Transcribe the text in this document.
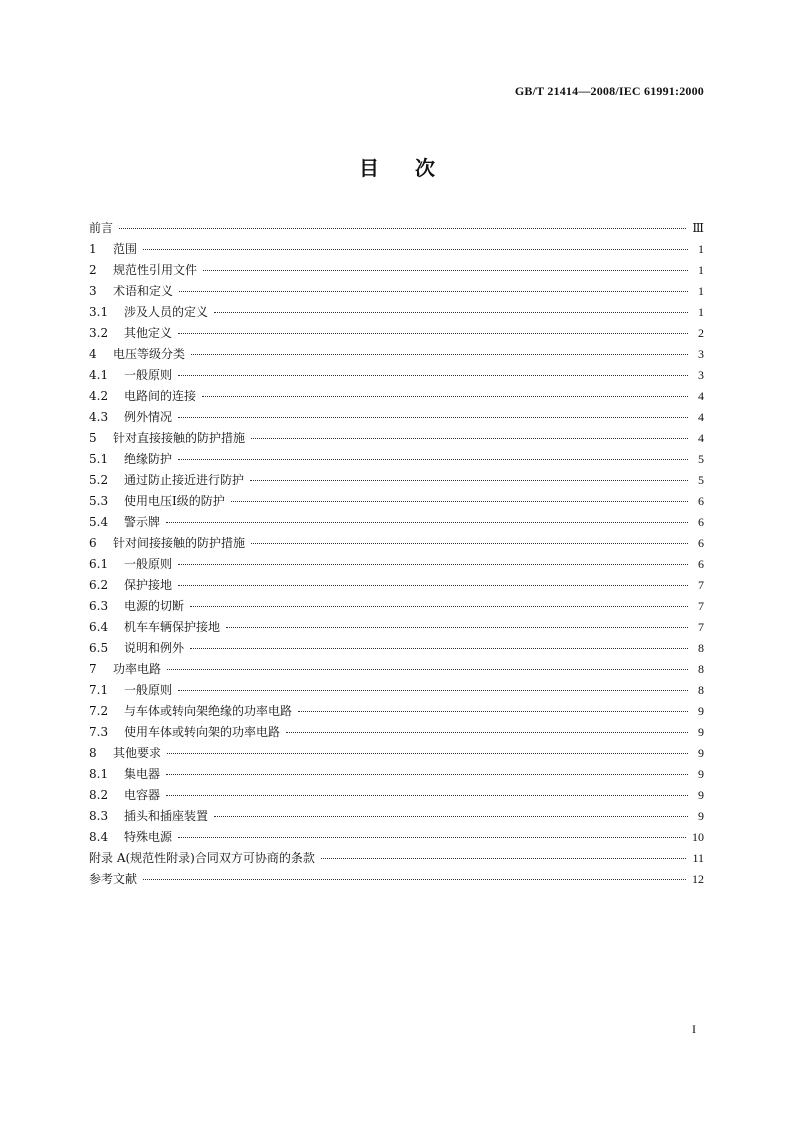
GB/T 21414—2008/IEC 61991:2000
目次
前言	Ⅲ
1	范围	1
2	规范性引用文件	1
3	术语和定义	1
3.1	涉及人员的定义	1
3.2	其他定义	2
4	电压等级分类	3
4.1	一般原则	3
4.2	电路间的连接	4
4.3	例外情况	4
5	针对直接接触的防护措施	4
5.1	绝缘防护	5
5.2	通过防止接近进行防护	5
5.3	使用电压Ⅰ级的防护	6
5.4	警示牌	6
6	针对间接接触的防护措施	6
6.1	一般原则	6
6.2	保护接地	7
6.3	电源的切断	7
6.4	机车车辆保护接地	7
6.5	说明和例外	8
7	功率电路	8
7.1	一般原则	8
7.2	与车体或转向架绝缘的功率电路	9
7.3	使用车体或转向架的功率电路	9
8	其他要求	9
8.1	集电器	9
8.2	电容器	9
8.3	插头和插座装置	9
8.4	特殊电源	10
附录 A(规范性附录)合同双方可协商的条款	11
参考文献	12
I
